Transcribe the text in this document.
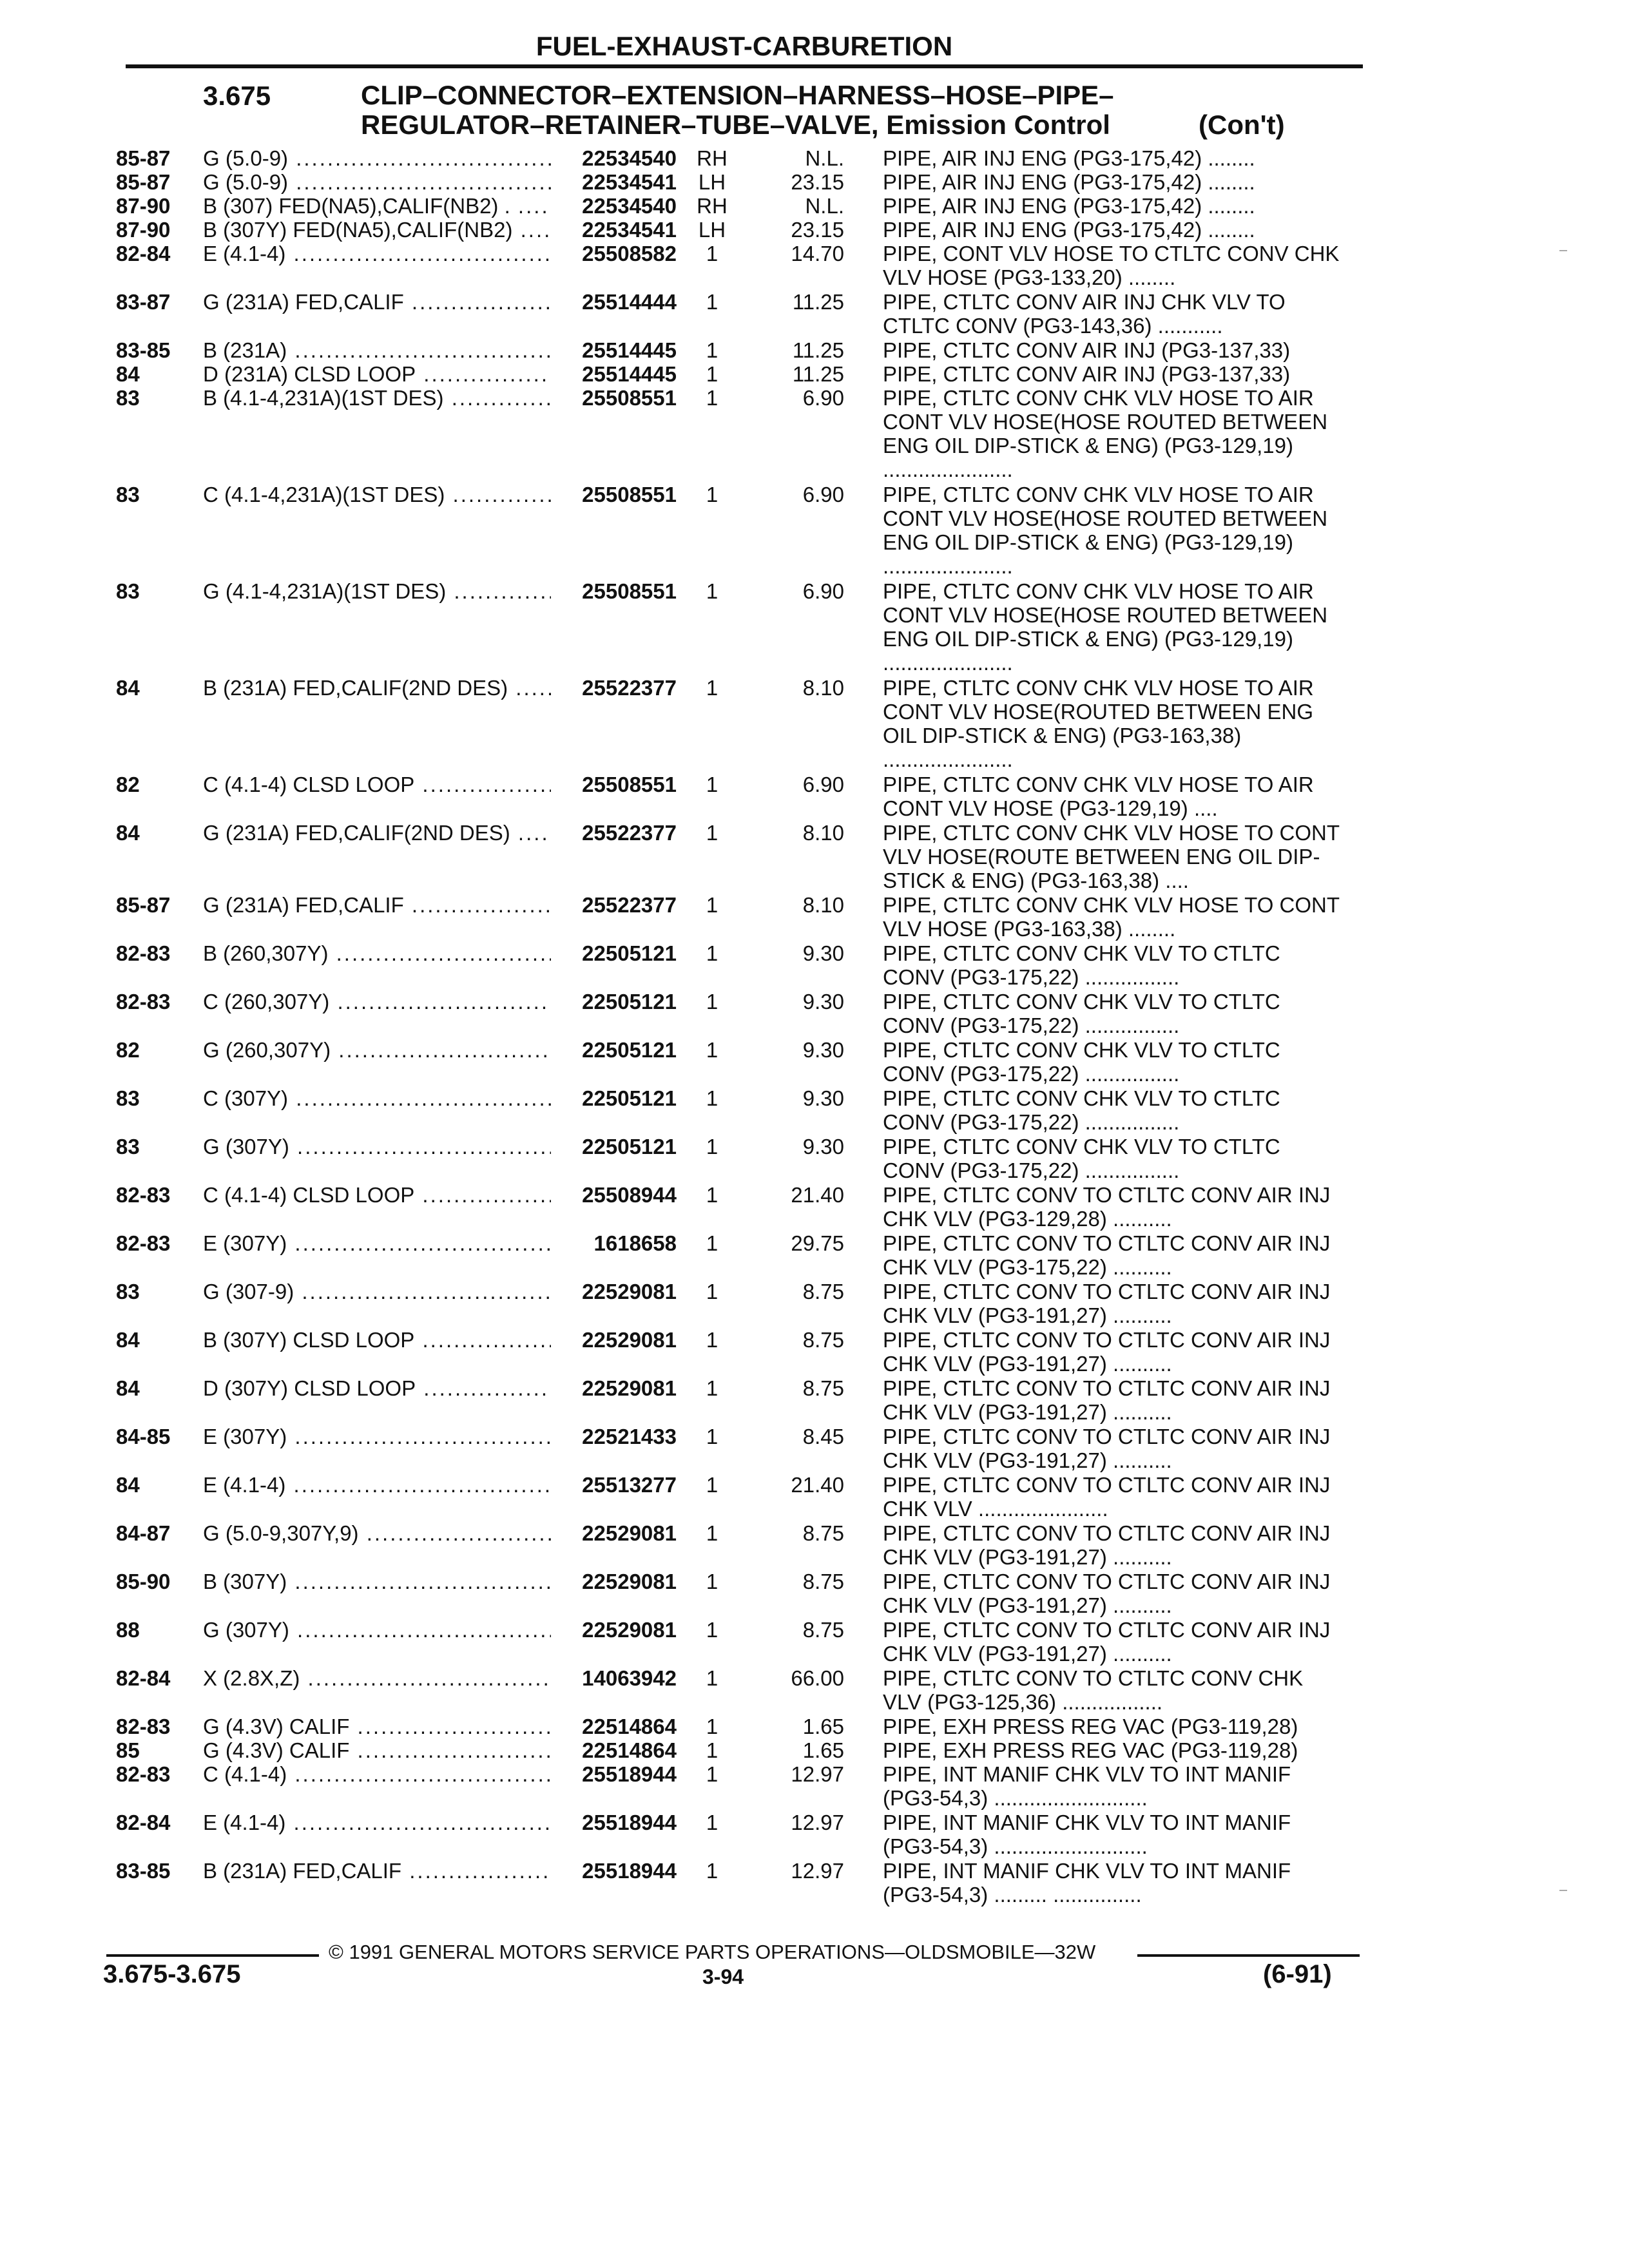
FUEL-EXHAUST-CARBURETION
3.675	CLIP–CONNECTOR–EXTENSION–HARNESS–HOSE–PIPE–
REGULATOR–RETAINER–TUBE–VALVE, Emission Control	(Con't)
85-87 G (5.0-9) .....	22534540 RH	N.L. PIPE, AIR INJ ENG (PG3-175,42) ........
85-87 G (5.0-9) .....	22534541 LH	23.15 PIPE, AIR INJ ENG (PG3-175,42) ........
87-90 B (307) FED(NA5),CALIF(NB2) . .....	22534540 RH	N.L. PIPE, AIR INJ ENG (PG3-175,42) ........
87-90 B (307Y) FED(NA5),CALIF(NB2) .....	22534541 LH	23.15 PIPE, AIR INJ ENG (PG3-175,42) ........
82-84 E (4.1-4) .....	25508582	1	14.70 PIPE, CONT VLV HOSE TO CTLTC CONV CHK VLV HOSE (PG3-133,20) ........
83-87 G (231A) FED,CALIF .....	25514444	1	11.25 PIPE, CTLTC CONV AIR INJ CHK VLV TO CTLTC CONV (PG3-143,36) ...........
83-85 B (231A) .....	25514445	1	11.25 PIPE, CTLTC CONV AIR INJ (PG3-137,33)
84	D (231A) CLSD LOOP .....	25514445	1	11.25 PIPE, CTLTC CONV AIR INJ (PG3-137,33)
83	B (4.1-4,231A)(1ST DES) .....	25508551	1	6.90 PIPE, CTLTC CONV CHK VLV HOSE TO AIR CONT VLV HOSE(HOSE ROUTED BETWEEN ENG OIL DIP-STICK & ENG) (PG3-129,19) ......................
83	C (4.1-4,231A)(1ST DES) .....	25508551	1	6.90 PIPE, CTLTC CONV CHK VLV HOSE TO AIR CONT VLV HOSE(HOSE ROUTED BETWEEN ENG OIL DIP-STICK & ENG) (PG3-129,19) ......................
83	G (4.1-4,231A)(1ST DES) .....	25508551	1	6.90 PIPE, CTLTC CONV CHK VLV HOSE TO AIR CONT VLV HOSE(HOSE ROUTED BETWEEN ENG OIL DIP-STICK & ENG) (PG3-129,19) ......................
84	B (231A) FED,CALIF(2ND DES) .....	25522377	1	8.10 PIPE, CTLTC CONV CHK VLV HOSE TO AIR CONT VLV HOSE(ROUTED BETWEEN ENG OIL DIP-STICK & ENG) (PG3-163,38) ......................
82	C (4.1-4) CLSD LOOP .....	25508551	1	6.90 PIPE, CTLTC CONV CHK VLV HOSE TO AIR CONT VLV HOSE (PG3-129,19) ....
84	G (231A) FED,CALIF(2ND DES) .....	25522377	1	8.10 PIPE, CTLTC CONV CHK VLV HOSE TO CONT VLV HOSE(ROUTE BETWEEN ENG OIL DIP-STICK & ENG) (PG3-163,38) ....
85-87 G (231A) FED,CALIF .....	25522377	1	8.10 PIPE, CTLTC CONV CHK VLV HOSE TO CONT VLV HOSE (PG3-163,38) ........
82-83 B (260,307Y) .....	22505121	1	9.30 PIPE, CTLTC CONV CHK VLV TO CTLTC CONV (PG3-175,22) ................
82-83 C (260,307Y) .....	22505121	1	9.30 PIPE, CTLTC CONV CHK VLV TO CTLTC CONV (PG3-175,22) ................
82	G (260,307Y) .....	22505121	1	9.30 PIPE, CTLTC CONV CHK VLV TO CTLTC CONV (PG3-175,22) ................
83	C (307Y) .....	22505121	1	9.30 PIPE, CTLTC CONV CHK VLV TO CTLTC CONV (PG3-175,22) ................
83	G (307Y) .....	22505121	1	9.30 PIPE, CTLTC CONV CHK VLV TO CTLTC CONV (PG3-175,22) ................
82-83 C (4.1-4) CLSD LOOP .....	25508944	1	21.40 PIPE, CTLTC CONV TO CTLTC CONV AIR INJ CHK VLV (PG3-129,28) ..........
82-83 E (307Y) .....	1618658	1	29.75 PIPE, CTLTC CONV TO CTLTC CONV AIR INJ CHK VLV (PG3-175,22) ..........
83	G (307-9) .....	22529081	1	8.75 PIPE, CTLTC CONV TO CTLTC CONV AIR INJ CHK VLV (PG3-191,27) ..........
84	B (307Y) CLSD LOOP .....	22529081	1	8.75 PIPE, CTLTC CONV TO CTLTC CONV AIR INJ CHK VLV (PG3-191,27) ..........
84	D (307Y) CLSD LOOP .....	22529081	1	8.75 PIPE, CTLTC CONV TO CTLTC CONV AIR INJ CHK VLV (PG3-191,27) ..........
84-85 E (307Y) .....	22521433	1	8.45 PIPE, CTLTC CONV TO CTLTC CONV AIR INJ CHK VLV (PG3-191,27) ..........
84	E (4.1-4) .....	25513277	1	21.40 PIPE, CTLTC CONV TO CTLTC CONV AIR INJ CHK VLV ......................
84-87 G (5.0-9,307Y,9) .....	22529081	1	8.75 PIPE, CTLTC CONV TO CTLTC CONV AIR INJ CHK VLV (PG3-191,27) ..........
85-90 B (307Y) .....	22529081	1	8.75 PIPE, CTLTC CONV TO CTLTC CONV AIR INJ CHK VLV (PG3-191,27) ..........
88	G (307Y) .....	22529081	1	8.75 PIPE, CTLTC CONV TO CTLTC CONV AIR INJ CHK VLV (PG3-191,27) ..........
82-84 X (2.8X,Z) .....	14063942	1	66.00 PIPE, CTLTC CONV TO CTLTC CONV CHK VLV (PG3-125,36) .................
82-83 G (4.3V) CALIF .....	22514864	1	1.65 PIPE, EXH PRESS REG VAC (PG3-119,28)
85	G (4.3V) CALIF .....	22514864	1	1.65 PIPE, EXH PRESS REG VAC (PG3-119,28)
82-83 C (4.1-4) .....	25518944	1	12.97 PIPE, INT MANIF CHK VLV TO INT MANIF (PG3-54,3) ..........................
82-84 E (4.1-4) .....	25518944	1	12.97 PIPE, INT MANIF CHK VLV TO INT MANIF (PG3-54,3) ..........................
83-85 B (231A) FED,CALIF .....	25518944	1	12.97 PIPE, INT MANIF CHK VLV TO INT MANIF (PG3-54,3) ......... ...............
© 1991 GENERAL MOTORS SERVICE PARTS OPERATIONS—OLDSMOBILE—32W
3.675-3.675	3-94	(6-91)
